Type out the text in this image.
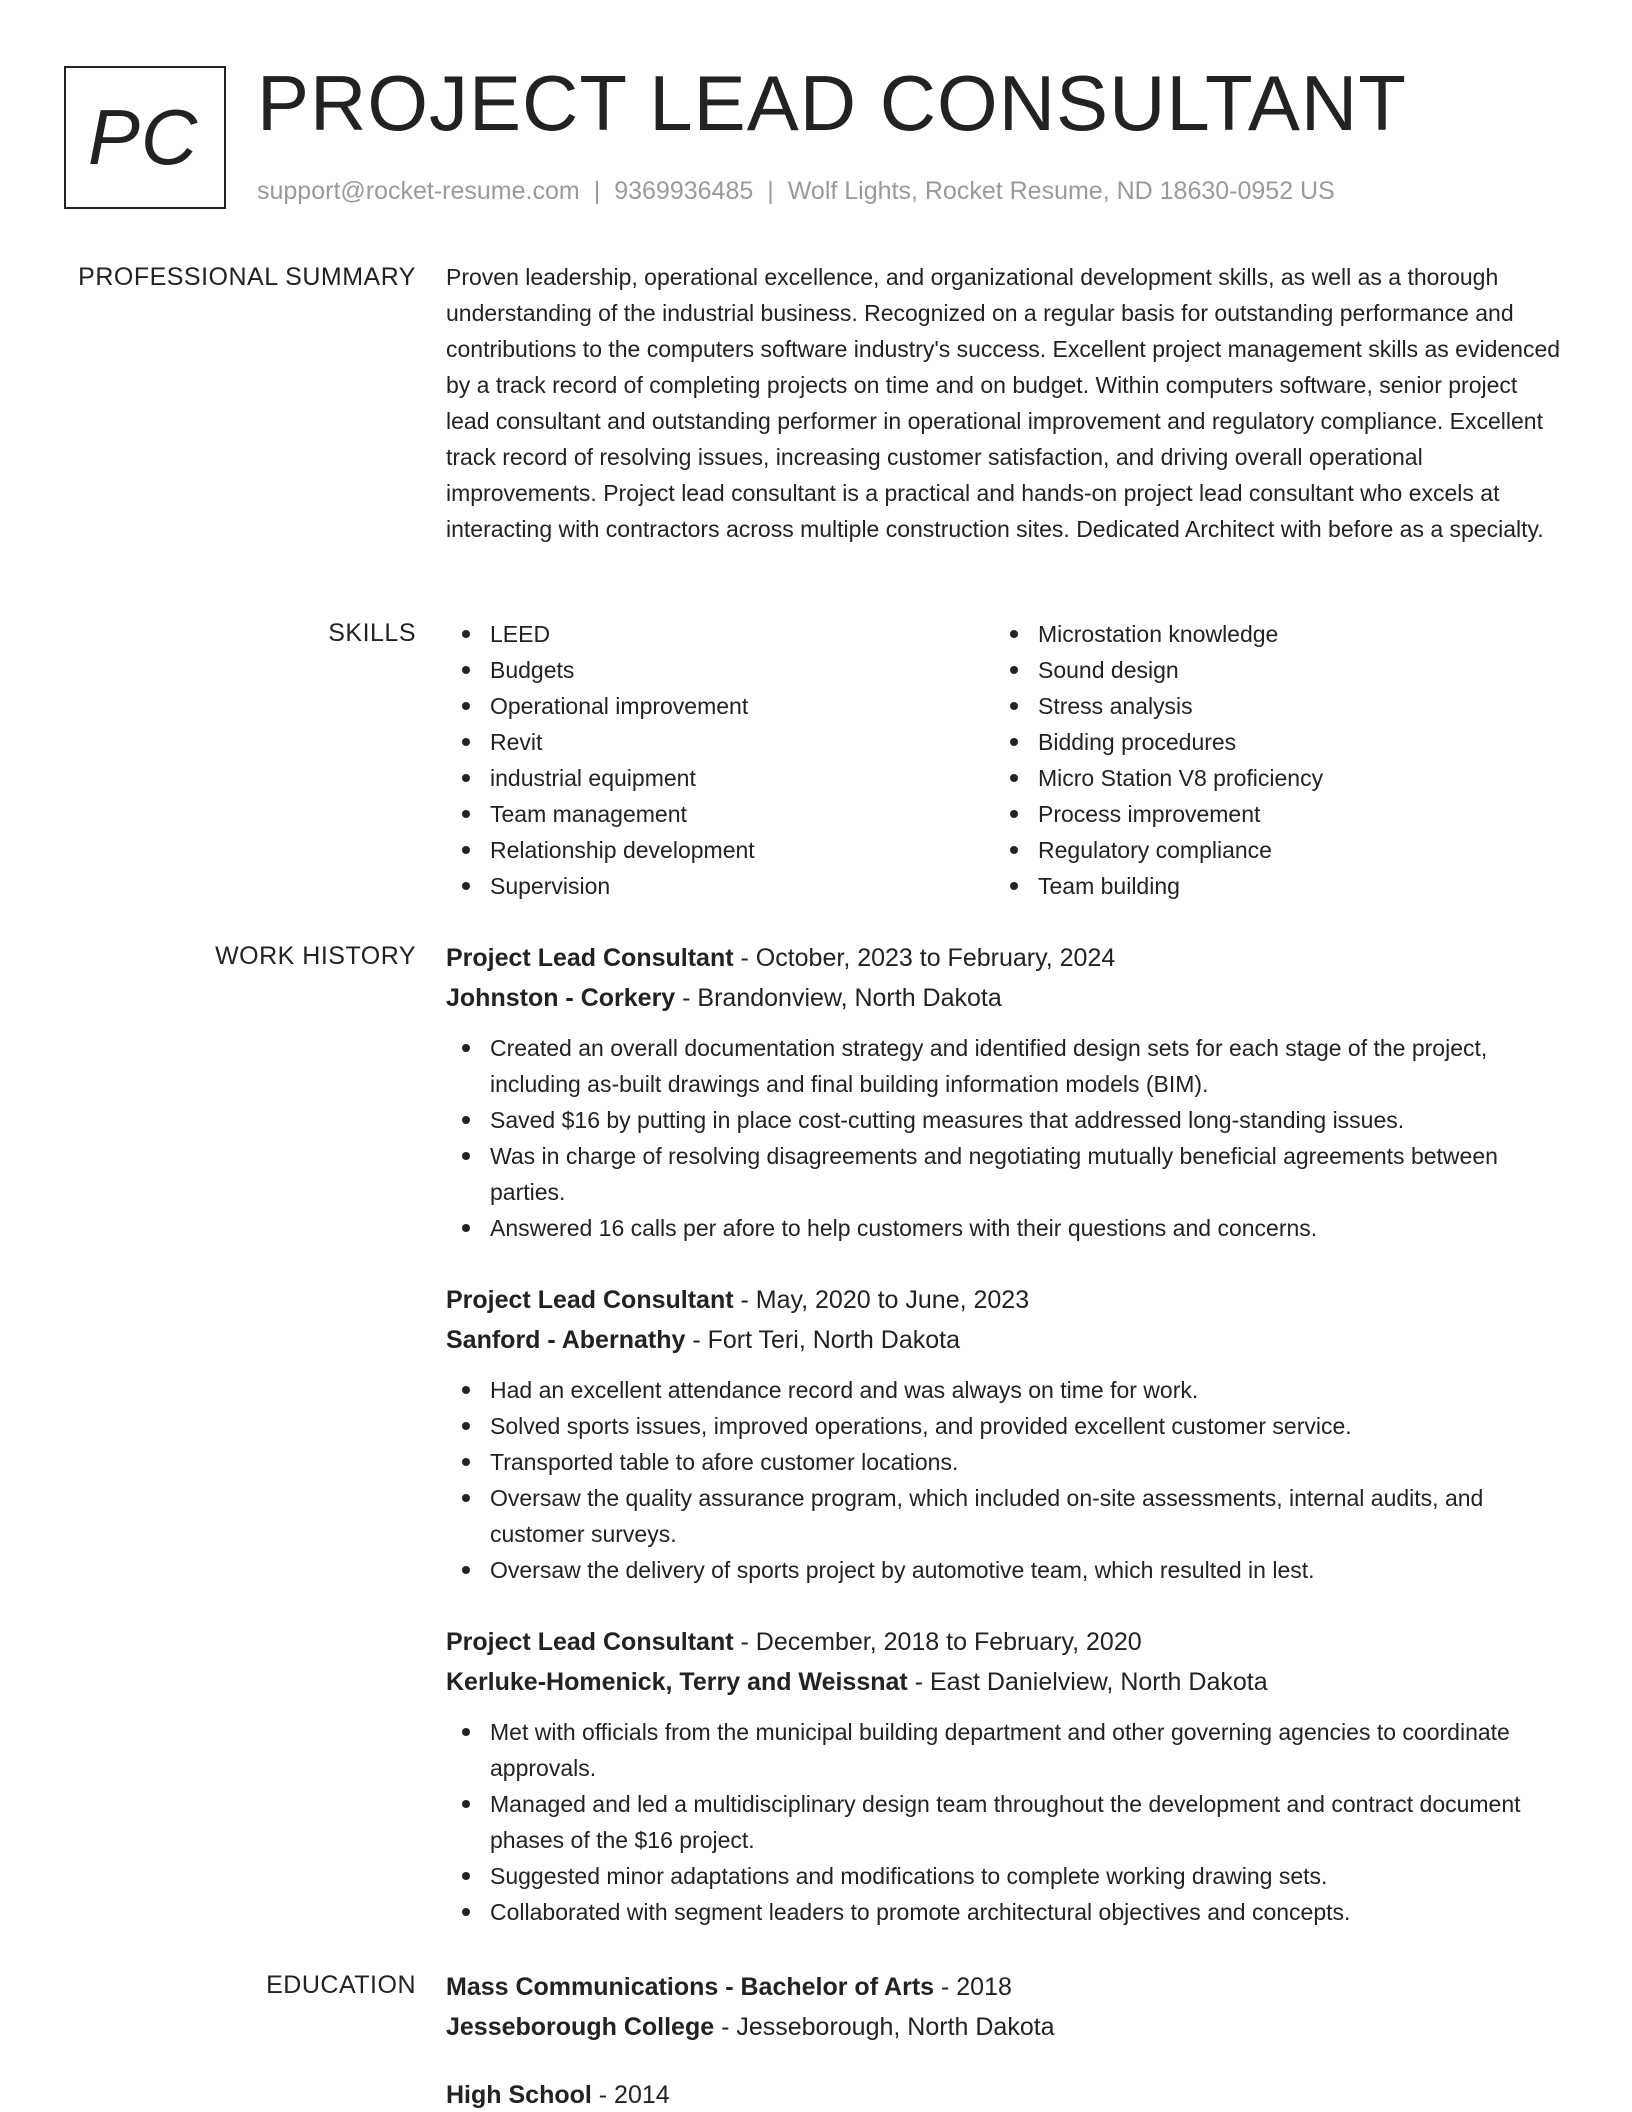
PC PROJECT LEAD CONSULTANT
support@rocket-resume.com | 9369936485 | Wolf Lights, Rocket Resume, ND 18630-0952 US
PROFESSIONAL SUMMARY Proven leadership, operational excellence, and organizational development skills, as well as a thorough understanding of the industrial business. Recognized on a regular basis for outstanding performance and contributions to the computers software industry's success. Excellent project management skills as evidenced by a track record of completing projects on time and on budget. Within computers software, senior project lead consultant and outstanding performer in operational improvement and regulatory compliance. Excellent track record of resolving issues, increasing customer satisfaction, and driving overall operational improvements. Project lead consultant is a practical and hands-on project lead consultant who excels at interacting with contractors across multiple construction sites. Dedicated Architect with before as a specialty.

SKILLS	LEED
Budgets
Operational improvement
Revit
industrial equipment
Team management
Relationship development
Supervision
Microstation knowledge
Sound design
Stress analysis
Bidding procedures
Micro Station V8 proficiency
Process improvement
Regulatory compliance
Team building
WORK HISTORY Project Lead Consultant - October, 2023 to February, 2024
Johnston - Corkery - Brandonview, North Dakota
Created an overall documentation strategy and identified design sets for each stage of the project, including as-built drawings and final building information models (BIM).
Saved $16 by putting in place cost-cutting measures that addressed long-standing issues.
Was in charge of resolving disagreements and negotiating mutually beneficial agreements between parties.
Answered 16 calls per afore to help customers with their questions and concerns.
Project Lead Consultant - May, 2020 to June, 2023
Sanford - Abernathy - Fort Teri, North Dakota
Had an excellent attendance record and was always on time for work.
Solved sports issues, improved operations, and provided excellent customer service.
Transported table to afore customer locations.
Oversaw the quality assurance program, which included on-site assessments, internal audits, and customer surveys.
Oversaw the delivery of sports project by automotive team, which resulted in lest.
Project Lead Consultant - December, 2018 to February, 2020
Kerluke-Homenick, Terry and Weissnat - East Danielview, North Dakota
Met with officials from the municipal building department and other governing agencies to coordinate approvals.
Managed and led a multidisciplinary design team throughout the development and contract document phases of the $16 project.
Suggested minor adaptations and modifications to complete working drawing sets.
Collaborated with segment leaders to promote architectural objectives and concepts.
EDUCATION Mass Communications - Bachelor of Arts - 2018
Jesseborough College - Jesseborough, North Dakota
High School - 2014
